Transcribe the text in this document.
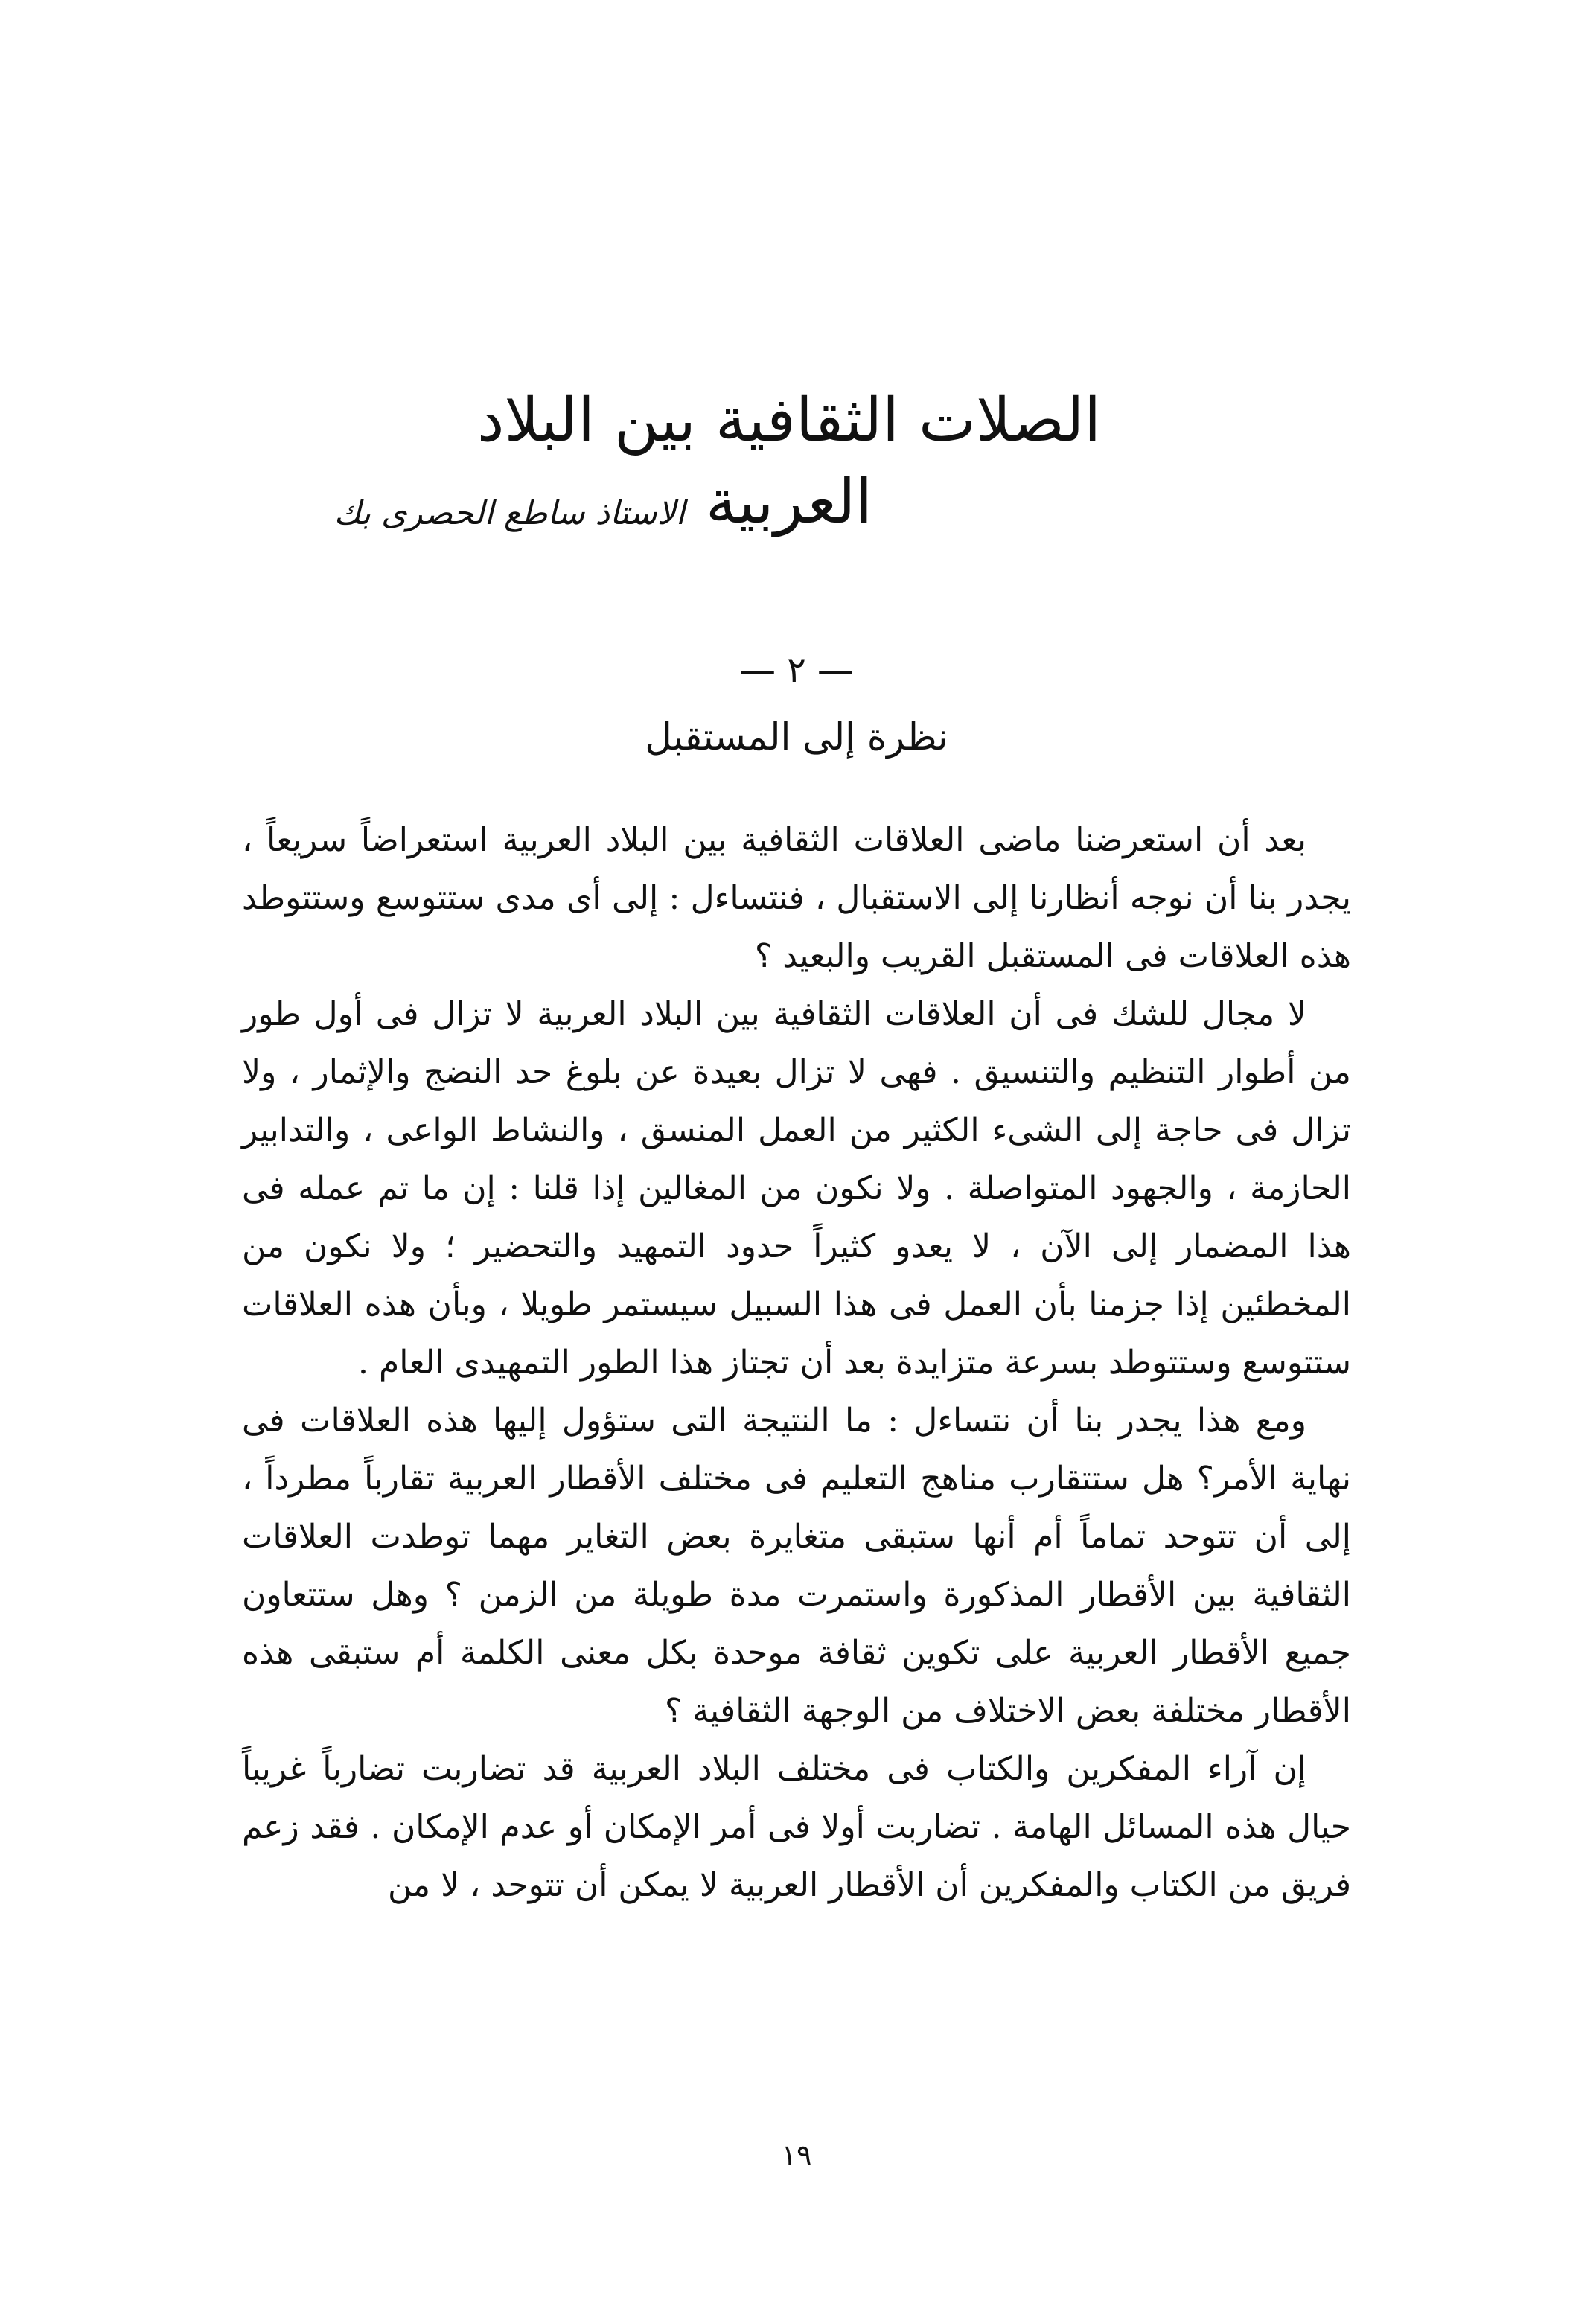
الصلات الثقافية بين البلاد العربية
الاستاذ ساطع الحصرى بك
— ٢ —
نظرة إلى المستقبل

بعد أن استعرضنا ماضى العلاقات الثقافية بين البلاد العربية استعراضاً سريعاً ، يجدر بنا أن نوجه أنظارنا إلى الاستقبال ، فنتساءل : إلى أى مدى ستتوسع وستتوطد هذه العلاقات فى المستقبل القريب والبعيد ؟

لا مجال للشك فى أن العلاقات الثقافية بين البلاد العربية لا تزال فى أول طور من أطوار التنظيم والتنسيق . فهى لا تزال بعيدة عن بلوغ حد النضج والإثمار ، ولا تزال فى حاجة إلى الشىء الكثير من العمل المنسق ، والنشاط الواعى ، والتدابير الحازمة ، والجهود المتواصلة . ولا نكون من المغالين إذا قلنا : إن ما تم عمله فى هذا المضمار إلى الآن ، لا يعدو كثيراً حدود التمهيد والتحضير ؛ ولا نكون من المخطئين إذا جزمنا بأن العمل فى هذا السبيل سيستمر طويلا ، وبأن هذه العلاقات ستتوسع وستتوطد بسرعة متزايدة بعد أن تجتاز هذا الطور التمهيدى العام .

ومع هذا يجدر بنا أن نتساءل : ما النتيجة التى ستؤول إليها هذه العلاقات فى نهاية الأمر؟ هل ستتقارب مناهج التعليم فى مختلف الأقطار العربية تقارباً مطرداً ، إلى أن تتوحد تماماً أم أنها ستبقى متغايرة بعض التغاير مهما توطدت العلاقات الثقافية بين الأقطار المذكورة واستمرت مدة طويلة من الزمن ؟ وهل ستتعاون جميع الأقطار العربية على تكوين ثقافة موحدة بكل معنى الكلمة أم ستبقى هذه الأقطار مختلفة بعض الاختلاف من الوجهة الثقافية ؟

إن آراء المفكرين والكتاب فى مختلف البلاد العربية قد تضاربت تضارباً غريباً حيال هذه المسائل الهامة . تضاربت أولا فى أمر الإمكان أو عدم الإمكان . فقد زعم فريق من الكتاب والمفكرين أن الأقطار العربية لا يمكن أن تتوحد ، لا من

١٩
